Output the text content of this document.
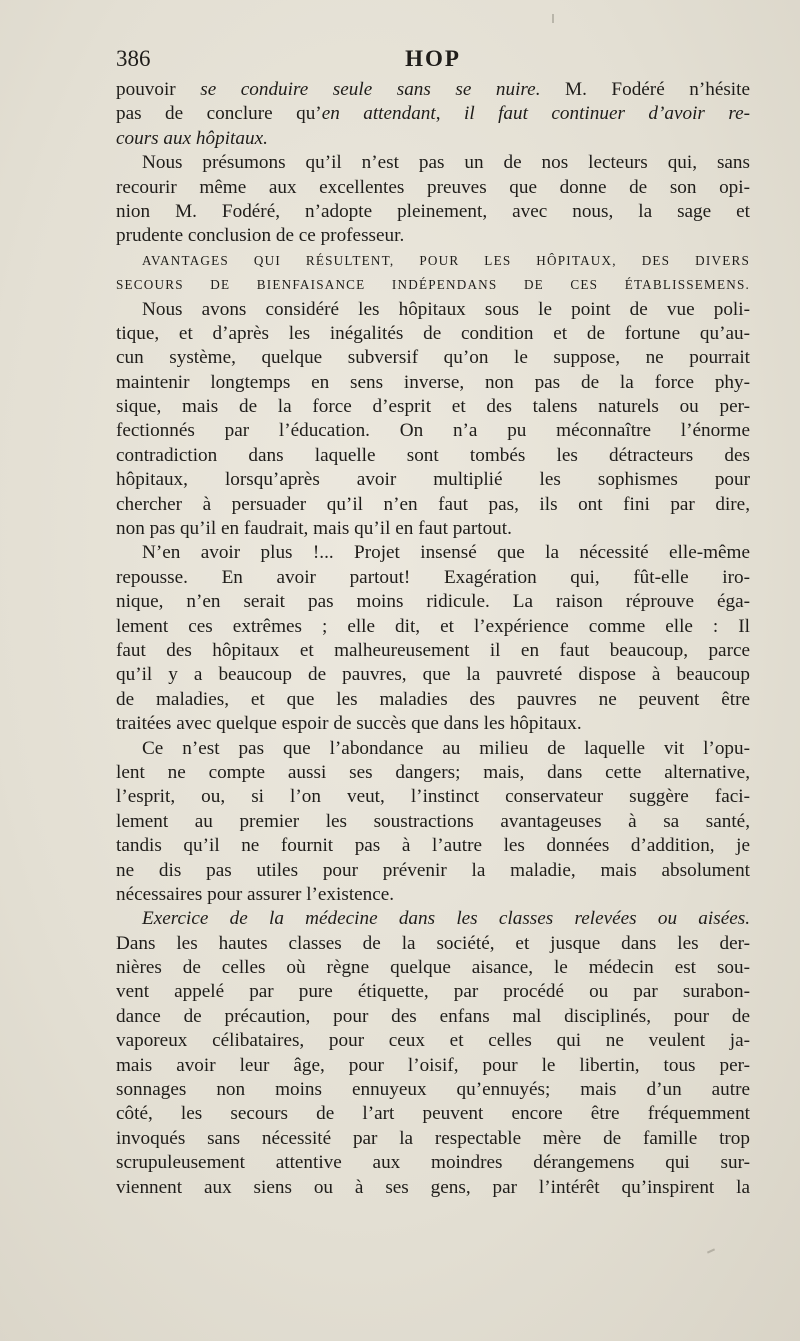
386	HOP
pouvoir se conduire seule sans se nuire. M. Fodéré n’hésite
pas de conclure qu’en attendant, il faut continuer d’avoir re-
cours aux hôpitaux.
Nous présumons qu’il n’est pas un de nos lecteurs qui, sans
recourir même aux excellentes preuves que donne de son opi-
nion M. Fodéré, n’adopte pleinement, avec nous, la sage et
prudente conclusion de ce professeur.
AVANTAGES QUI RÉSULTENT, POUR LES HÔPITAUX, DES DIVERS
SECOURS DE BIENFAISANCE INDÉPENDANS DE CES ÉTABLISSEMENS.
Nous avons considéré les hôpitaux sous le point de vue poli-
tique, et d’après les inégalités de condition et de fortune qu’au-
cun système, quelque subversif qu’on le suppose, ne pourrait
maintenir longtemps en sens inverse, non pas de la force phy-
sique, mais de la force d’esprit et des talens naturels ou per-
fectionnés par l’éducation. On n’a pu méconnaître l’énorme
contradiction dans laquelle sont tombés les détracteurs des
hôpitaux, lorsqu’après avoir multiplié les sophismes pour
chercher à persuader qu’il n’en faut pas, ils ont fini par dire,
non pas qu’il en faudrait, mais qu’il en faut partout.
N’en avoir plus !... Projet insensé que la nécessité elle-même
repousse. En avoir partout! Exagération qui, fût-elle iro-
nique, n’en serait pas moins ridicule. La raison réprouve éga-
lement ces extrêmes ; elle dit, et l’expérience comme elle : Il
faut des hôpitaux et malheureusement il en faut beaucoup, parce
qu’il y a beaucoup de pauvres, que la pauvreté dispose à beaucoup
de maladies, et que les maladies des pauvres ne peuvent être
traitées avec quelque espoir de succès que dans les hôpitaux.
Ce n’est pas que l’abondance au milieu de laquelle vit l’opu-
lent ne compte aussi ses dangers; mais, dans cette alternative,
l’esprit, ou, si l’on veut, l’instinct conservateur suggère faci-
lement au premier les soustractions avantageuses à sa santé,
tandis qu’il ne fournit pas à l’autre les données d’addition, je
ne dis pas utiles pour prévenir la maladie, mais absolument
nécessaires pour assurer l’existence.
Exercice de la médecine dans les classes relevées ou aisées.
Dans les hautes classes de la société, et jusque dans les der-
nières de celles où règne quelque aisance, le médecin est sou-
vent appelé par pure étiquette, par procédé ou par surabon-
dance de précaution, pour des enfans mal disciplinés, pour de
vaporeux célibataires, pour ceux et celles qui ne veulent ja-
mais avoir leur âge, pour l’oisif, pour le libertin, tous per-
sonnages non moins ennuyeux qu’ennuyés; mais d’un autre
côté, les secours de l’art peuvent encore être fréquemment
invoqués sans nécessité par la respectable mère de famille trop
scrupuleusement attentive aux moindres dérangemens qui sur-
viennent aux siens ou à ses gens, par l’intérêt qu’inspirent la
